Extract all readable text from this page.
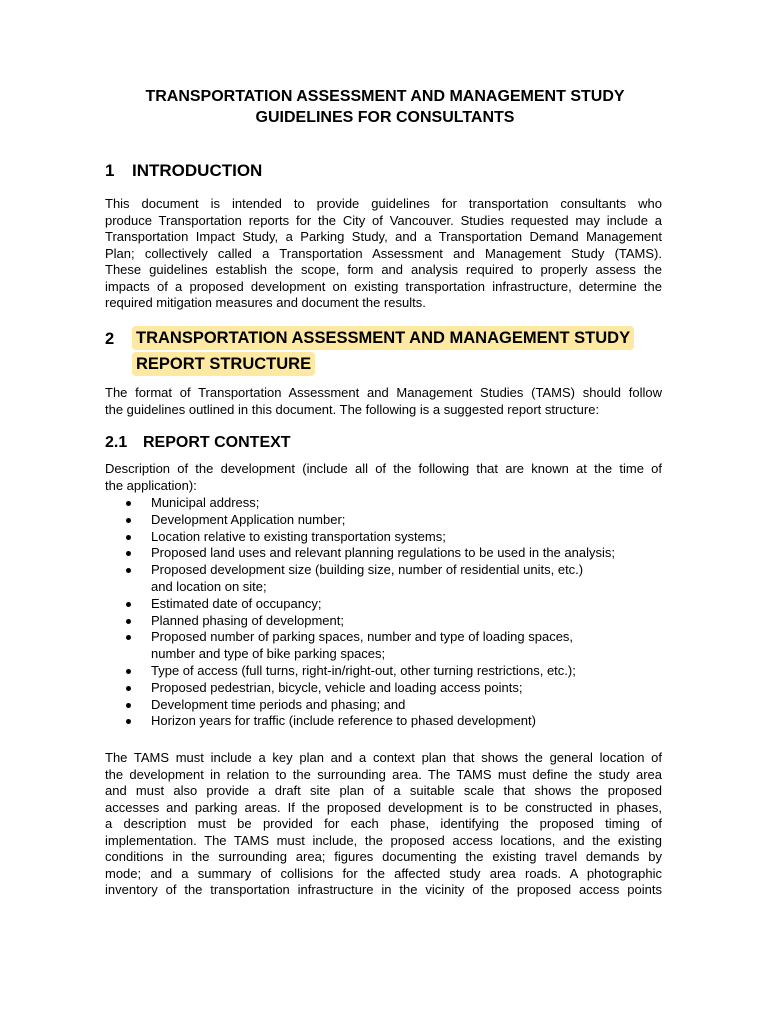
TRANSPORTATION ASSESSMENT AND MANAGEMENT STUDY
GUIDELINES FOR CONSULTANTS
1 INTRODUCTION
This document is intended to provide guidelines for transportation consultants who
produce Transportation reports for the City of Vancouver. Studies requested may include a
Transportation Impact Study, a Parking Study, and a Transportation Demand Management
Plan; collectively called a Transportation Assessment and Management Study (TAMS).
These guidelines establish the scope, form and analysis required to properly assess the
impacts of a proposed development on existing transportation infrastructure, determine the
required mitigation measures and document the results.
2 TRANSPORTATION ASSESSMENT AND MANAGEMENT STUDY
REPORT STRUCTURE
The format of Transportation Assessment and Management Studies (TAMS) should follow
the guidelines outlined in this document. The following is a suggested report structure:
2.1 REPORT CONTEXT
Description of the development (include all of the following that are known at the time of
the application):
Municipal address;
Development Application number;
Location relative to existing transportation systems;
Proposed land uses and relevant planning regulations to be used in the analysis;
Proposed development size (building size, number of residential units, etc.)
and location on site;
Estimated date of occupancy;
Planned phasing of development;
Proposed number of parking spaces, number and type of loading spaces,
number and type of bike parking spaces;
Type of access (full turns, right-in/right-out, other turning restrictions, etc.);
Proposed pedestrian, bicycle, vehicle and loading access points;
Development time periods and phasing; and
Horizon years for traffic (include reference to phased development)
The TAMS must include a key plan and a context plan that shows the general location of
the development in relation to the surrounding area. The TAMS must define the study area
and must also provide a draft site plan of a suitable scale that shows the proposed
accesses and parking areas. If the proposed development is to be constructed in phases,
a description must be provided for each phase, identifying the proposed timing of
implementation. The TAMS must include, the proposed access locations, and the existing
conditions in the surrounding area; figures documenting the existing travel demands by
mode; and a summary of collisions for the affected study area roads. A photographic
inventory of the transportation infrastructure in the vicinity of the proposed access points
